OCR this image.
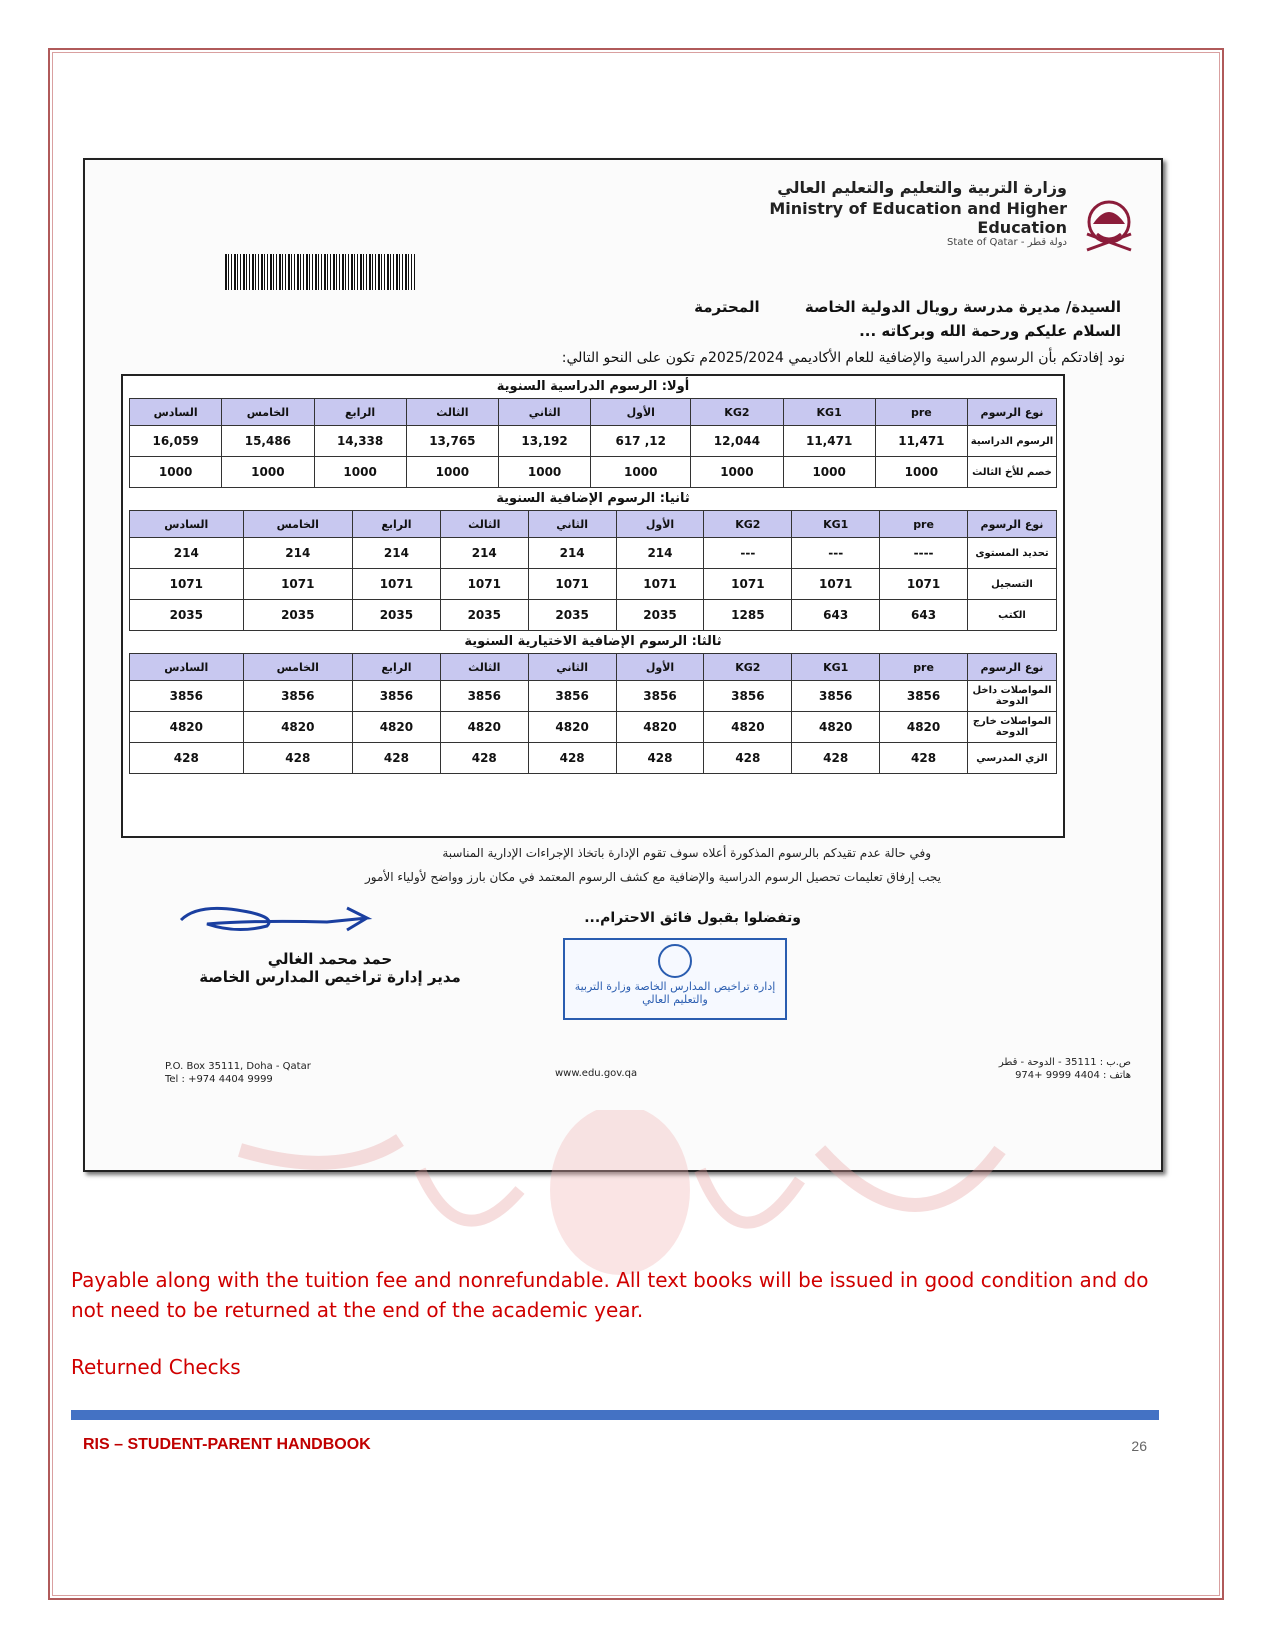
وزارة التربية والتعليم والتعليم العالي
Ministry of Education and Higher Education
State of Qatar - دولة قطر
السيدة/ مديرة مدرسة رويال الدولية الخاصة المحترمة
السلام عليكم ورحمة الله وبركاته ...
نود إفادتكم بأن الرسوم الدراسية والإضافية للعام الأكاديمي 2025/2024م تكون على النحو التالي:
أولا: الرسوم الدراسية السنوية
نوع الرسوم	pre	KG1	KG2	الأول	الثاني	الثالث	الرابع	الخامس	السادس
الرسوم الدراسية	11,471	11,471	12,044	12, 617	13,192	13,765	14,338	15,486	16,059
خصم للأخ الثالث	1000	1000	1000	1000	1000	1000	1000	1000	1000
ثانيا: الرسوم الإضافية السنوية
نوع الرسوم	pre	KG1	KG2	الأول	الثاني	الثالث	الرابع	الخامس	السادس
تحديد المستوى	----	---	---	214	214	214	214	214	214
التسجيل	1071	1071	1071	1071	1071	1071	1071	1071	1071
الكتب	643	643	1285	2035	2035	2035	2035	2035	2035
ثالثا: الرسوم الإضافية الاختيارية السنوية
نوع الرسوم	pre	KG1	KG2	الأول	الثاني	الثالث	الرابع	الخامس	السادس
المواصلات داخل الدوحة	3856	3856	3856	3856	3856	3856	3856	3856	3856
المواصلات خارج الدوحة	4820	4820	4820	4820	4820	4820	4820	4820	4820
الزي المدرسي	428	428	428	428	428	428	428	428	428
وفي حالة عدم تقيدكم بالرسوم المذكورة أعلاه سوف تقوم الإدارة باتخاذ الإجراءات الإدارية المناسبة
يجب إرفاق تعليمات تحصيل الرسوم الدراسية والإضافية مع كشف الرسوم المعتمد في مكان بارز وواضح لأولياء الأمور
وتفضلوا بقبول فائق الاحترام...
حمد محمد الغالي
مدير إدارة تراخيص المدارس الخاصة
إدارة تراخيص المدارس الخاصة وزارة التربية والتعليم العالي
P.O. Box 35111, Doha - Qatar
Tel : +974 4404 9999
www.edu.gov.qa
ص.ب : 35111 - الدوحة - قطر
هاتف : 4404 9999 +974
Payable along with the tuition fee and nonrefundable. All text books will be issued in good condition and do not need to be returned at the end of the academic year.
Returned Checks
RIS – STUDENT-PARENT HANDBOOK	26
